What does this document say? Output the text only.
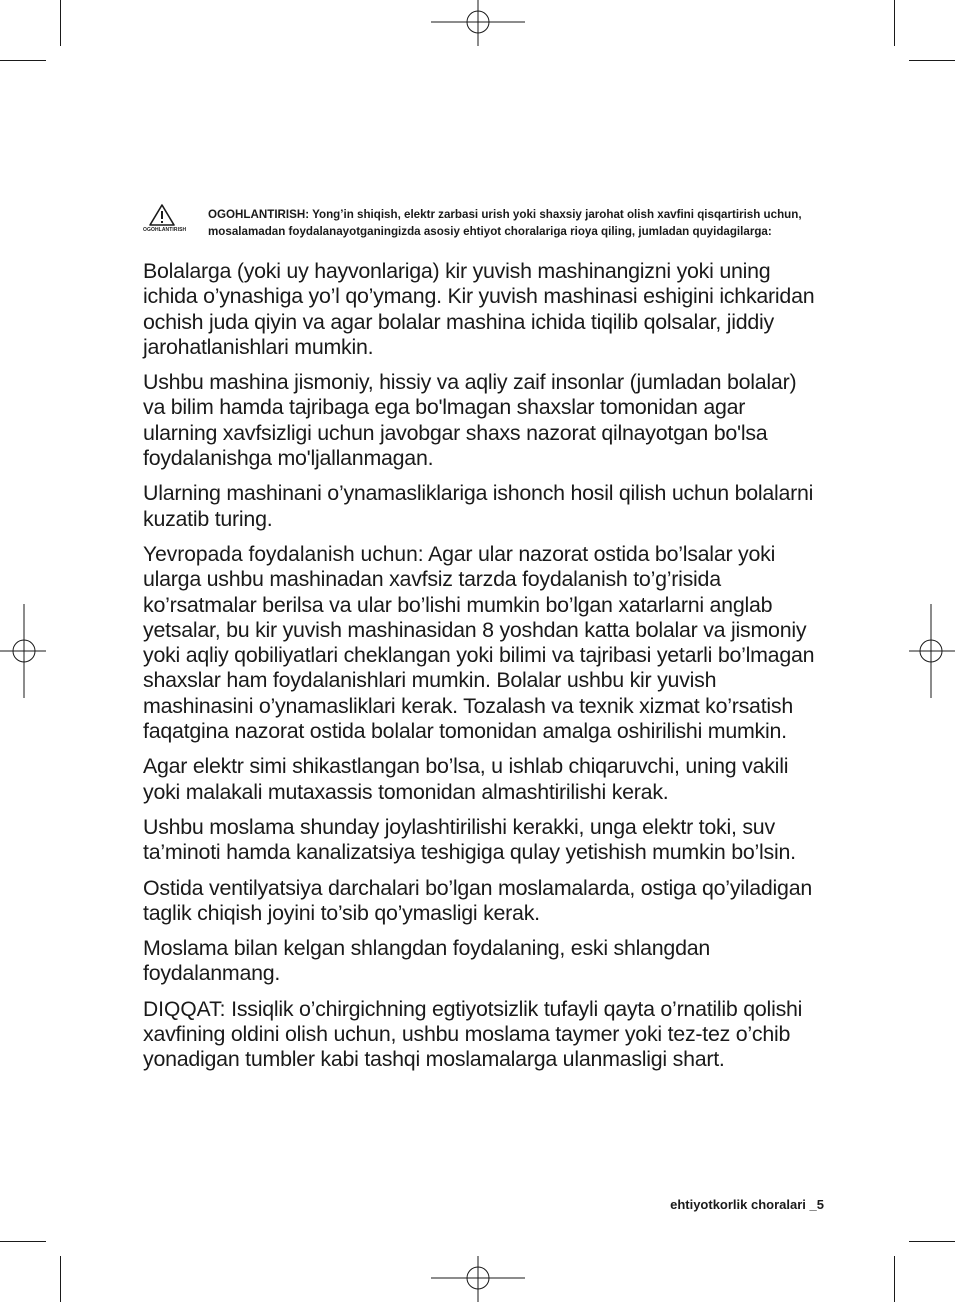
OGOHLANTIRISH
OGOHLANTIRISH: Yong’in shiqish, elektr zarbasi urish yoki shaxsiy jarohat olish xavfini qisqartirish uchun, mosalamadan foydalanayotganingizda asosiy ehtiyot choralariga rioya qiling, jumladan quyidagilarga:

Bolalarga (yoki uy hayvonlariga) kir yuvish mashinangizni yoki uning ichida o’ynashiga yo’l qo’ymang. Kir yuvish mashinasi eshigini ichkaridan ochish juda qiyin va agar bolalar mashina ichida tiqilib qolsalar, jiddiy jarohatlanishlari mumkin.

Ushbu mashina jismoniy, hissiy va aqliy zaif insonlar (jumladan bolalar) va bilim hamda tajribaga ega bo'lmagan shaxslar tomonidan agar ularning xavfsizligi uchun javobgar shaxs nazorat qilnayotgan bo'lsa foydalanishga mo'ljallanmagan.

Ularning mashinani o’ynamasliklariga ishonch hosil qilish uchun bolalarni kuzatib turing.

Yevropada foydalanish uchun: Agar ular nazorat ostida bo’lsalar yoki ularga ushbu mashinadan xavfsiz tarzda foydalanish to’g’risida ko’rsatmalar berilsa va ular bo’lishi mumkin bo’lgan xatarlarni anglab yetsalar, bu kir yuvish mashinasidan 8 yoshdan katta bolalar va jismoniy yoki aqliy qobiliyatlari cheklangan yoki bilimi va tajribasi yetarli bo’lmagan shaxslar ham foydalanishlari mumkin. Bolalar ushbu kir yuvish mashinasini o’ynamasliklari kerak. Tozalash va texnik xizmat ko’rsatish faqatgina nazorat ostida bolalar tomonidan amalga oshirilishi mumkin.

Agar elektr simi shikastlangan bo’lsa, u ishlab chiqaruvchi, uning vakili yoki malakali mutaxassis tomonidan almashtirilishi kerak.

Ushbu moslama shunday joylashtirilishi kerakki, unga elektr toki, suv ta’minoti hamda kanalizatsiya teshigiga qulay yetishish mumkin bo’lsin.

Ostida ventilyatsiya darchalari bo’lgan moslamalarda, ostiga qo’yiladigan taglik chiqish joyini to’sib qo’ymasligi kerak.

Moslama bilan kelgan shlangdan foydalaning, eski shlangdan foydalanmang.

DIQQAT: Issiqlik o’chirgichning egtiyotsizlik tufayli qayta o’rnatilib qolishi xavfining oldini olish uchun, ushbu moslama taymer yoki tez-tez o’chib yonadigan tumbler kabi tashqi moslamalarga ulanmasligi shart.

ehtiyotkorlik choralari _5
